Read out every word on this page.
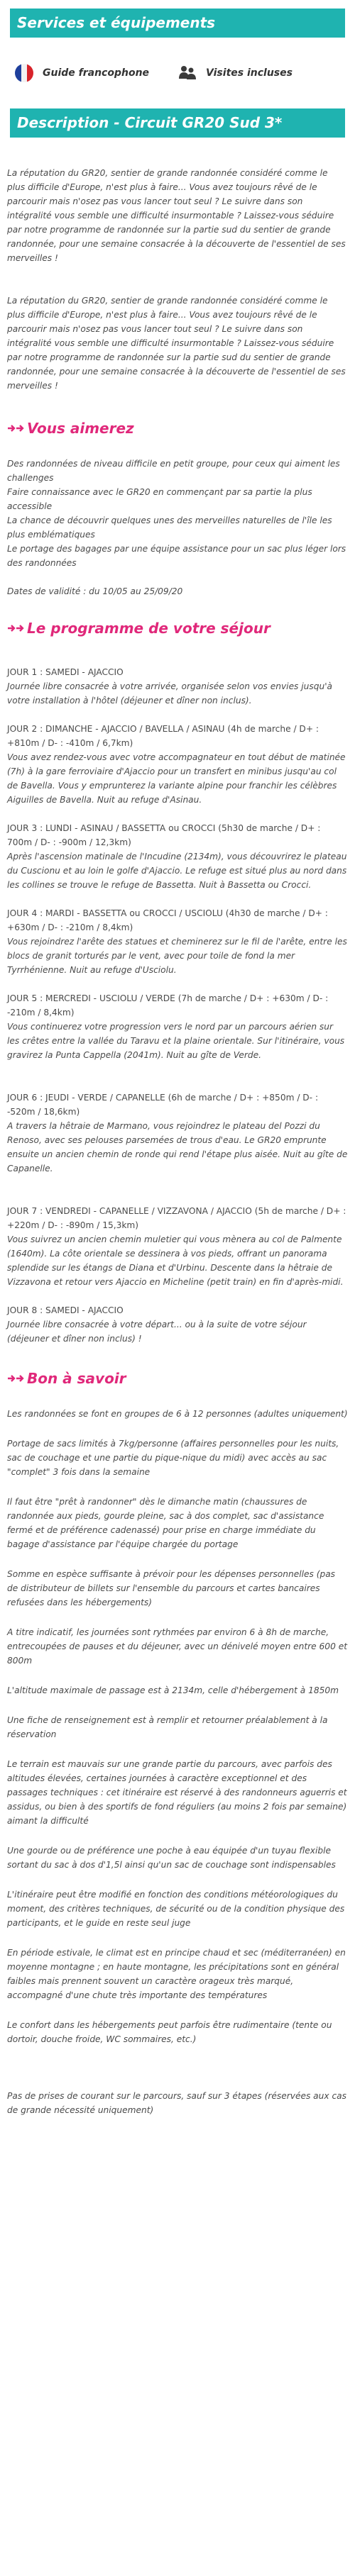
Services et équipements
Guide francophone	Visites incluses
Description - Circuit GR20 Sud 3*

La réputation du GR20, sentier de grande randonnée considéré comme le plus difficile d'Europe, n'est plus à faire... Vous avez toujours rêvé de le parcourir mais n'osez pas vous lancer tout seul ? Le suivre dans son intégralité vous semble une difficulté insurmontable ? Laissez-vous séduire par notre programme de randonnée sur la partie sud du sentier de grande randonnée, pour une semaine consacrée à la découverte de l'essentiel de ses merveilles !

La réputation du GR20, sentier de grande randonnée considéré comme le plus difficile d'Europe, n'est plus à faire... Vous avez toujours rêvé de le parcourir mais n'osez pas vous lancer tout seul ? Le suivre dans son intégralité vous semble une difficulté insurmontable ? Laissez-vous séduire par notre programme de randonnée sur la partie sud du sentier de grande randonnée, pour une semaine consacrée à la découverte de l'essentiel de ses merveilles !

Vous aimerez
Des randonnées de niveau difficile en petit groupe, pour ceux qui aiment les challenges
Faire connaissance avec le GR20 en commençant par sa partie la plus accessible
La chance de découvrir quelques unes des merveilles naturelles de l'île les plus emblématiques
Le portage des bagages par une équipe assistance pour un sac plus léger lors des randonnées

Dates de validité : du 10/05 au 25/09/20

Le programme de votre séjour
JOUR 1 : SAMEDI - AJACCIO
Journée libre consacrée à votre arrivée, organisée selon vos envies jusqu'à votre installation à l'hôtel (déjeuner et dîner non inclus).
JOUR 2 : DIMANCHE - AJACCIO / BAVELLA / ASINAU (4h de marche / D+ : +810m / D- : -410m / 6,7km)
Vous avez rendez-vous avec votre accompagnateur en tout début de matinée (7h) à la gare ferroviaire d'Ajaccio pour un transfert en minibus jusqu'au col de Bavella. Vous y emprunterez la variante alpine pour franchir les célèbres Aiguilles de Bavella. Nuit au refuge d'Asinau.
JOUR 3 : LUNDI - ASINAU / BASSETTA ou CROCCI (5h30 de marche / D+ : 700m / D- : -900m / 12,3km)
Après l'ascension matinale de l'Incudine (2134m), vous découvrirez le plateau du Cuscionu et au loin le golfe d'Ajaccio. Le refuge est situé plus au nord dans les collines se trouve le refuge de Bassetta. Nuit à Bassetta ou Crocci.
JOUR 4 : MARDI - BASSETTA ou CROCCI / USCIOLU (4h30 de marche / D+ : +630m / D- : -210m / 8,4km)
Vous rejoindrez l'arête des statues et cheminerez sur le fil de l'arête, entre les blocs de granit torturés par le vent, avec pour toile de fond la mer Tyrrhénienne. Nuit au refuge d'Usciolu.
JOUR 5 : MERCREDI - USCIOLU / VERDE (7h de marche / D+ : +630m / D- : -210m / 8,4km)
Vous continuerez votre progression vers le nord par un parcours aérien sur les crêtes entre la vallée du Taravu et la plaine orientale. Sur l'itinéraire, vous gravirez la Punta Cappella (2041m). Nuit au gîte de Verde.
JOUR 6 : JEUDI - VERDE / CAPANELLE (6h de marche / D+ : +850m / D- : -520m / 18,6km)
A travers la hêtraie de Marmano, vous rejoindrez le plateau del Pozzi du Renoso, avec ses pelouses parsemées de trous d'eau. Le GR20 emprunte ensuite un ancien chemin de ronde qui rend l'étape plus aisée. Nuit au gîte de Capanelle.
JOUR 7 : VENDREDI - CAPANELLE / VIZZAVONA / AJACCIO (5h de marche / D+ : +220m / D- : -890m / 15,3km)
Vous suivrez un ancien chemin muletier qui vous mènera au col de Palmente (1640m). La côte orientale se dessinera à vos pieds, offrant un panorama splendide sur les étangs de Diana et d'Urbinu. Descente dans la hêtraie de Vizzavona et retour vers Ajaccio en Micheline (petit train) en fin d'après-midi.
JOUR 8 : SAMEDI - AJACCIO
Journée libre consacrée à votre départ... ou à la suite de votre séjour (déjeuner et dîner non inclus) !
Bon à savoir

Les randonnées se font en groupes de 6 à 12 personnes (adultes uniquement)

Portage de sacs limités à 7kg/personne (affaires personnelles pour les nuits, sac de couchage et une partie du pique-nique du midi) avec accès au sac "complet" 3 fois dans la semaine

Il faut être "prêt à randonner" dès le dimanche matin (chaussures de randonnée aux pieds, gourde pleine, sac à dos complet, sac d'assistance fermé et de préférence cadenassé) pour prise en charge immédiate du bagage d'assistance par l'équipe chargée du portage

Somme en espèce suffisante à prévoir pour les dépenses personnelles (pas de distributeur de billets sur l'ensemble du parcours et cartes bancaires refusées dans les hébergements)

A titre indicatif, les journées sont rythmées par environ 6 à 8h de marche, entrecoupées de pauses et du déjeuner, avec un dénivelé moyen entre 600 et 800m

L'altitude maximale de passage est à 2134m, celle d'hébergement à 1850m

Une fiche de renseignement est à remplir et retourner préalablement à la réservation

Le terrain est mauvais sur une grande partie du parcours, avec parfois des altitudes élevées, certaines journées à caractère exceptionnel et des passages techniques : cet itinéraire est réservé à des randonneurs aguerris et assidus, ou bien à des sportifs de fond réguliers (au moins 2 fois par semaine) aimant la difficulté

Une gourde ou de préférence une poche à eau équipée d'un tuyau flexible sortant du sac à dos d'1,5l ainsi qu'un sac de couchage sont indispensables

L'itinéraire peut être modifié en fonction des conditions météorologiques du moment, des critères techniques, de sécurité ou de la condition physique des participants, et le guide en reste seul juge

En période estivale, le climat est en principe chaud et sec (méditerranéen) en moyenne montagne ; en haute montagne, les précipitations sont en général faibles mais prennent souvent un caractère orageux très marqué, accompagné d'une chute très importante des températures

Le confort dans les hébergements peut parfois être rudimentaire (tente ou dortoir, douche froide, WC sommaires, etc.)

Pas de prises de courant sur le parcours, sauf sur 3 étapes (réservées aux cas de grande nécessité uniquement)
